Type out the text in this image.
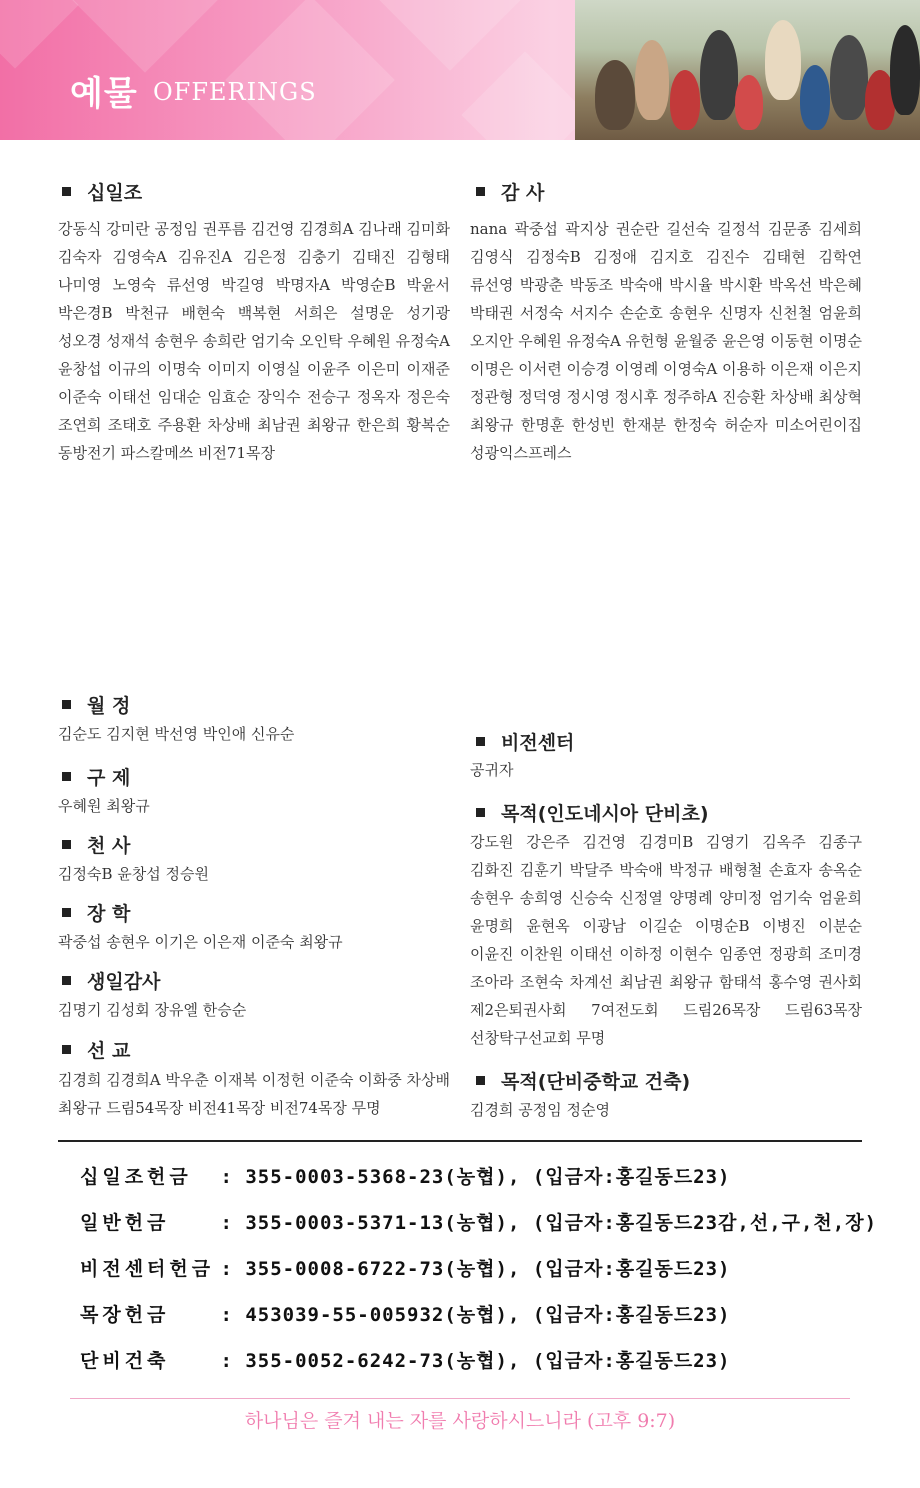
예물 OFFERINGS
십일조
강동식 강미란 공정임 권푸름 김건영 김경희A 김나래 김미화 김숙자 김영숙A 김유진A 김은정 김충기 김태진 김형태 나미영 노영숙 류선영 박길영 박명자A 박영순B 박윤서 박은경B 박천규 배현숙 백복현 서희은 설명운 성기광 성오경 성재석 송현우 송희란 엄기숙 오인탁 우혜원 유정숙A 윤창섭 이규의 이명숙 이미지 이영실 이윤주 이은미 이재준 이준숙 이태선 임대순 임효순 장익수 전승구 정옥자 정은숙 조연희 조태호 주용환 차상배 최남권 최왕규 한은희 황복순 동방전기 파스칼메쓰 비전71목장
월 정
김순도 김지현 박선영 박인애 신유순
구 제
우혜원 최왕규
천 사
김정숙B 윤창섭 정승원
장 학
곽중섭 송현우 이기은 이은재 이준숙 최왕규
생일감사
김명기 김성회 장유엘 한승순
선 교
김경희 김경희A 박우춘 이재복 이정헌 이준숙 이화중 차상배 최왕규 드림54목장 비전41목장 비전74목장 무명
감 사
nana 곽중섭 곽지상 권순란 길선숙 길정석 김문종 김세희 김영식 김정숙B 김정애 김지호 김진수 김태현 김학연 류선영 박광춘 박동조 박숙애 박시율 박시환 박옥선 박은혜 박태권 서정숙 서지수 손순호 송현우 신명자 신천철 엄윤희 오지안 우혜원 유정숙A 유헌형 윤월중 윤은영 이동현 이명순 이명은 이서련 이승경 이영례 이영숙A 이용하 이은재 이은지 정관형 정덕영 정시영 정시후 정주하A 진승환 차상배 최상혁 최왕규 한명훈 한성빈 한재분 한정숙 허순자 미소어린이집 성광익스프레스
비전센터
공귀자
목적(인도네시아 단비초)
강도원 강은주 김건영 김경미B 김영기 김옥주 김종구 김화진 김훈기 박달주 박숙애 박정규 배형철 손효자 송옥순 송현우 송희영 신승숙 신정열 양명례 양미정 엄기숙 엄윤희 윤명희 윤현옥 이광남 이길순 이명순B 이병진 이분순 이윤진 이찬원 이태선 이하정 이현수 임종연 정광희 조미경 조아라 조현숙 차계선 최남권 최왕규 함태석 홍수영 권사회 제2은퇴권사회 7여전도회 드림26목장 드림63목장 선창탁구선교회 무명
목적(단비중학교 건축)
김경희 공정임 정순영
십일조헌금 : 355-0003-5368-23(농협), (입금자:홍길동드23)
일반헌금	: 355-0003-5371-13(농협), (입금자:홍길동드23감,선,구,천,장)
비전센터헌금 : 355-0008-6722-73(농협), (입금자:홍길동드23)
목장헌금	: 453039-55-005932(농협), (입금자:홍길동드23)
단비건축	: 355-0052-6242-73(농협), (입금자:홍길동드23)
하나님은 즐겨 내는 자를 사랑하시느니라 (고후 9:7)
